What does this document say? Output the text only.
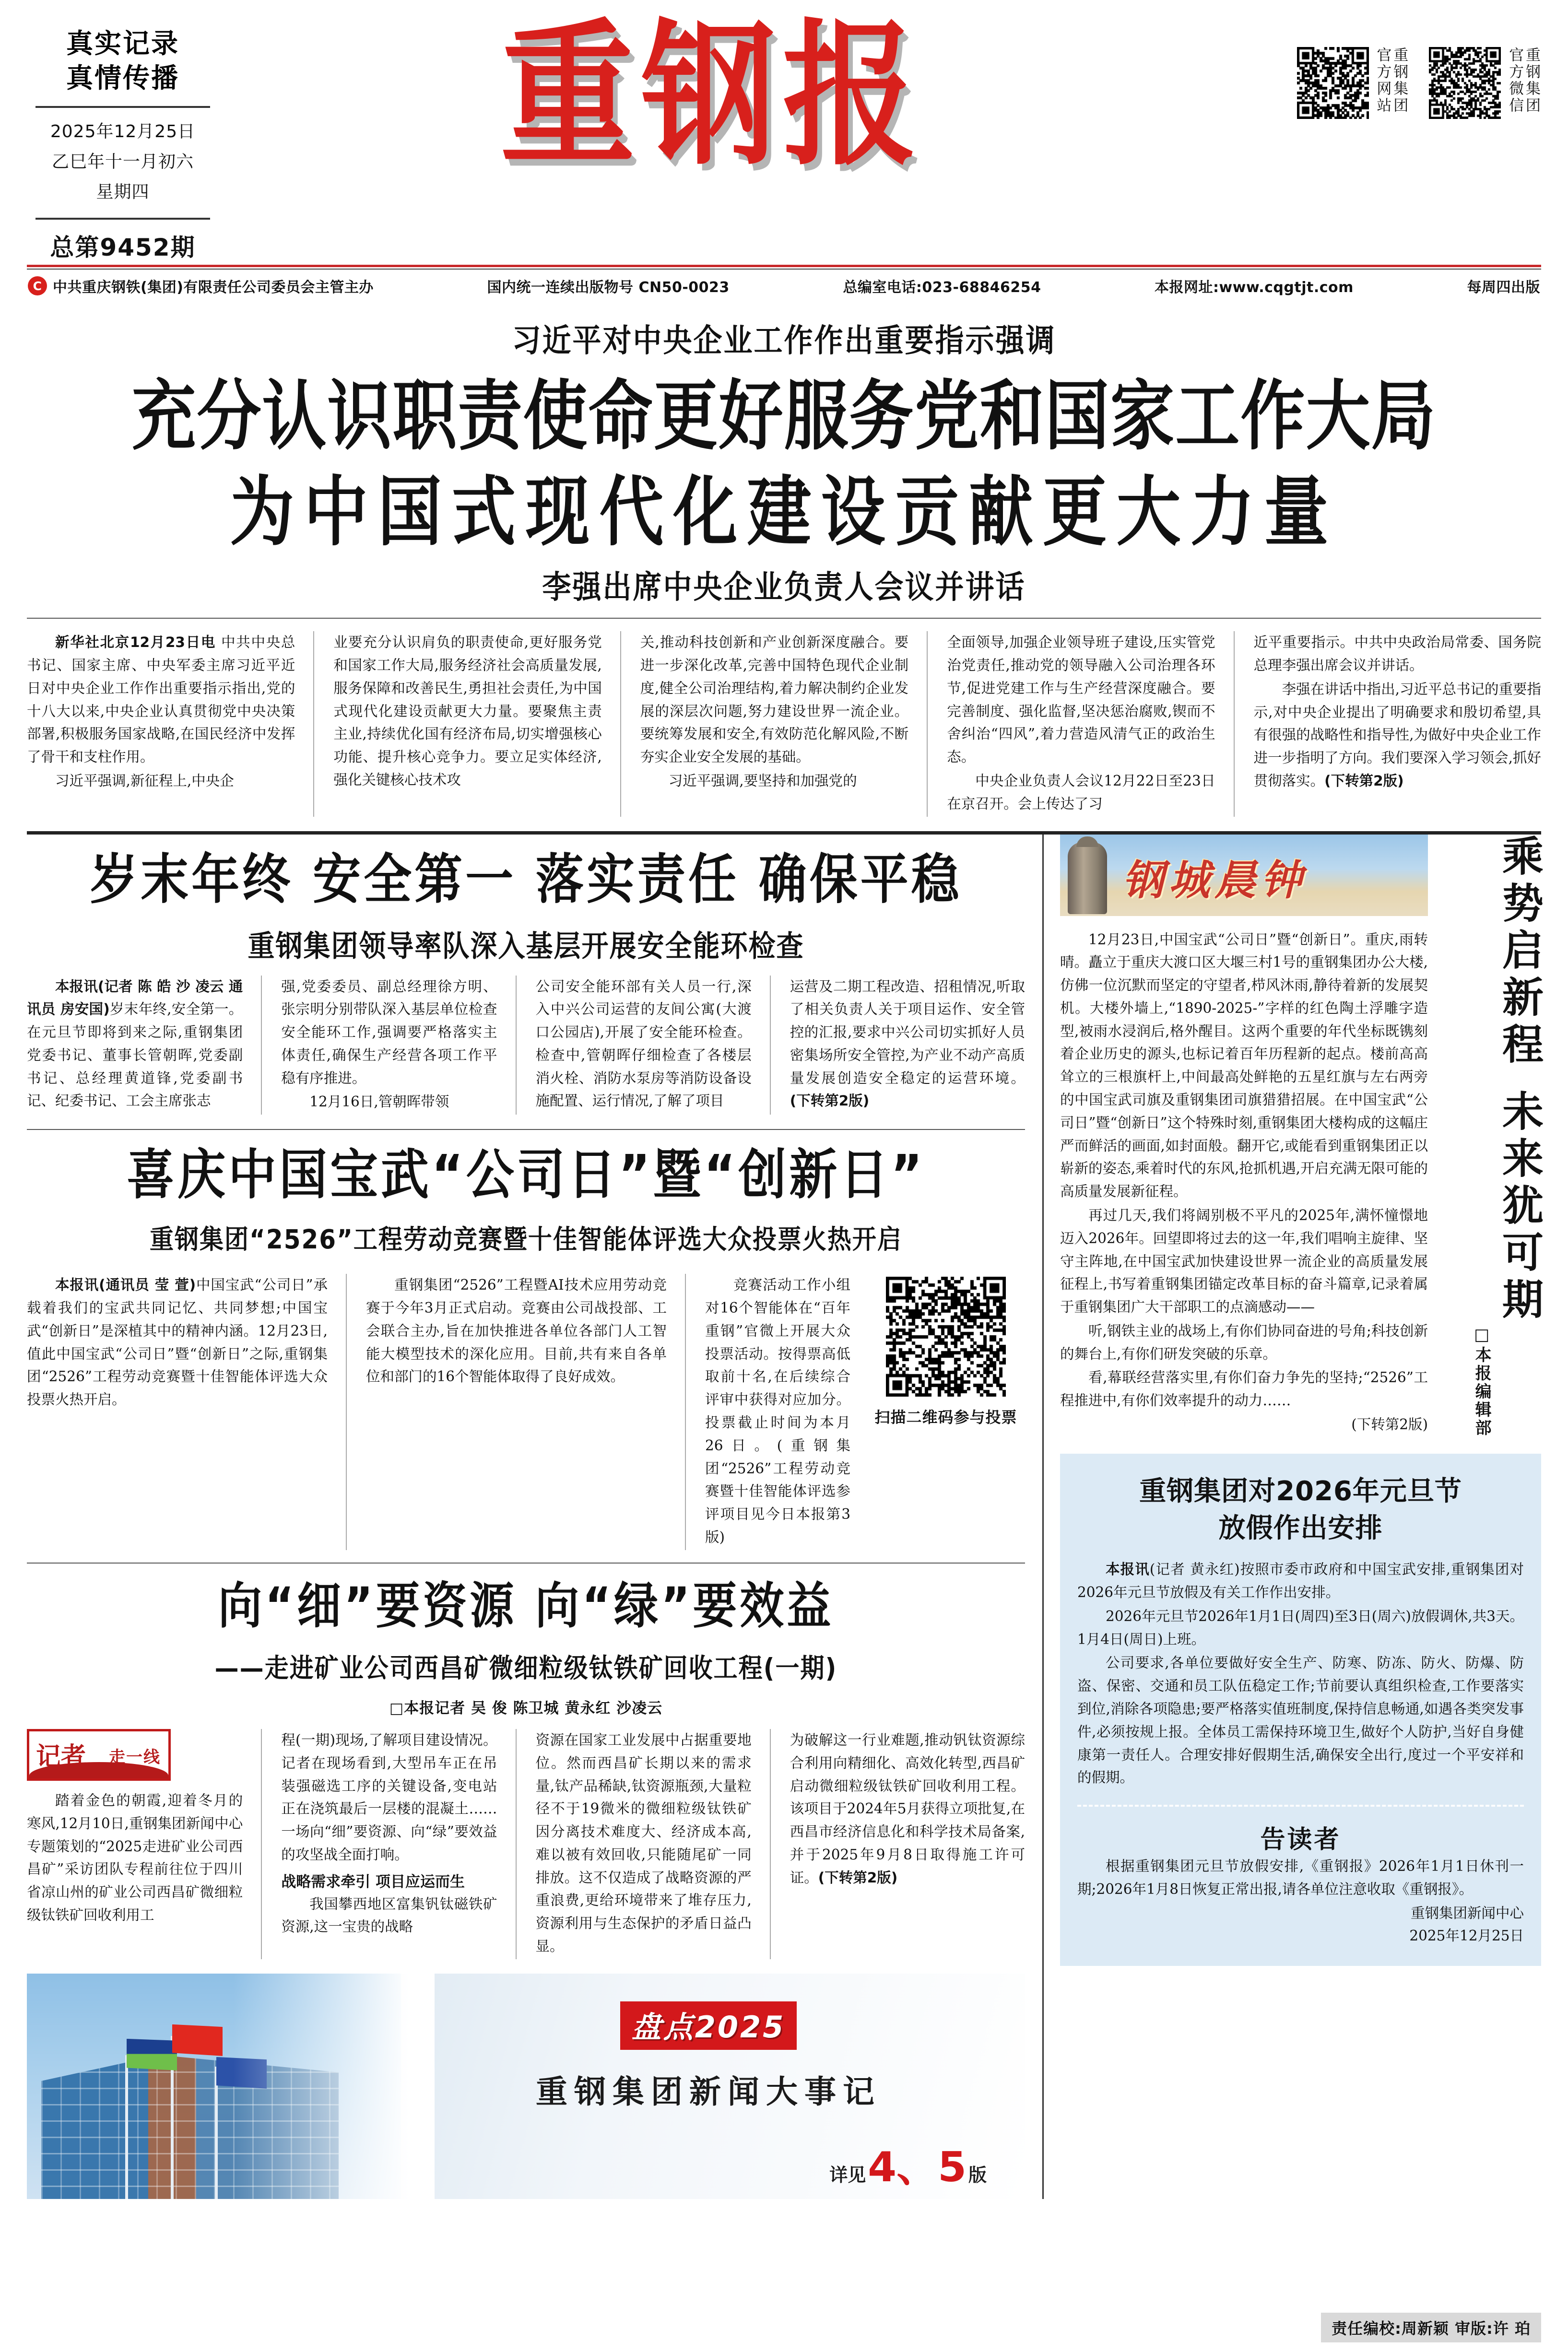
真实记录
真情传播
2025年12月25日
乙巳年十一月初六
星期四
总第9452期
重钢报	重钢集团
官方网站	重钢集团
官方微信
C 中共重庆钢铁(集团)有限责任公司委员会主管主办	国内统一连续出版物号 CN50-0023	总编室电话:023-68846254	本报网址:www.cqgtjt.com	每周四出版
习近平对中央企业工作作出重要指示强调
充分认识职责使命更好服务党和国家工作大局
为中国式现代化建设贡献更大力量
李强出席中央企业负责人会议并讲话

新华社北京12月23日电 中共中央总书记、国家主席、中央军委主席习近平近日对中央企业工作作出重要指示指出,党的十八大以来,中央企业认真贯彻党中央决策部署,积极服务国家战略,在国民经济中发挥了骨干和支柱作用。

习近平强调,新征程上,中央企

业要充分认识肩负的职责使命,更好服务党和国家工作大局,服务经济社会高质量发展,服务保障和改善民生,勇担社会责任,为中国式现代化建设贡献更大力量。要聚焦主责主业,持续优化国有经济布局,切实增强核心功能、提升核心竞争力。要立足实体经济,强化关键核心技术攻

关,推动科技创新和产业创新深度融合。要进一步深化改革,完善中国特色现代企业制度,健全公司治理结构,着力解决制约企业发展的深层次问题,努力建设世界一流企业。要统筹发展和安全,有效防范化解风险,不断夯实企业安全发展的基础。

习近平强调,要坚持和加强党的

全面领导,加强企业领导班子建设,压实管党治党责任,推动党的领导融入公司治理各环节,促进党建工作与生产经营深度融合。要完善制度、强化监督,坚决惩治腐败,锲而不舍纠治“四风”,着力营造风清气正的政治生态。

中央企业负责人会议12月22日至23日在京召开。会上传达了习

近平重要指示。中共中央政治局常委、国务院总理李强出席会议并讲话。

李强在讲话中指出,习近平总书记的重要指示,对中央企业提出了明确要求和殷切希望,具有很强的战略性和指导性,为做好中央企业工作进一步指明了方向。我们要深入学习领会,抓好贯彻落实。(下转第2版)

岁末年终 安全第一 落实责任 确保平稳
重钢集团领导率队深入基层开展安全能环检查

本报讯(记者 陈 皓 沙 凌云 通讯员 房安国)岁末年终,安全第一。在元旦节即将到来之际,重钢集团党委书记、董事长管朝晖,党委副书记、总经理黄道锋,党委副书记、纪委书记、工会主席张志

强,党委委员、副总经理徐方明、张宗明分别带队深入基层单位检查安全能环工作,强调要严格落实主体责任,确保生产经营各项工作平稳有序推进。

12月16日,管朝晖带领

公司安全能环部有关人员一行,深入中兴公司运营的友间公寓(大渡口公园店),开展了安全能环检查。检查中,管朝晖仔细检查了各楼层消火栓、消防水泵房等消防设备设施配置、运行情况,了解了项目

运营及二期工程改造、招租情况,听取了相关负责人关于项目运作、安全管控的汇报,要求中兴公司切实抓好人员密集场所安全管控,为产业不动产高质量发展创造安全稳定的运营环境。(下转第2版)

喜庆中国宝武“公司日”暨“创新日”
重钢集团“2526”工程劳动竞赛暨十佳智能体评选大众投票火热开启

本报讯(通讯员 莹 萱)中国宝武“公司日”承载着我们的宝武共同记忆、共同梦想;中国宝武“创新日”是深植其中的精神内涵。12月23日,值此中国宝武“公司日”暨“创新日”之际,重钢集团“2526”工程劳动竞赛暨十佳智能体评选大众投票火热开启。

重钢集团“2526”工程暨AI技术应用劳动竞赛于今年3月正式启动。竞赛由公司战投部、工会联合主办,旨在加快推进各单位各部门人工智能大模型技术的深化应用。目前,共有来自各单位和部门的16个智能体取得了良好成效。

竞赛活动工作小组对16个智能体在“百年重钢”官微上开展大众投票活动。按得票高低取前十名,在后续综合评审中获得对应加分。投票截止时间为本月26日。(重钢集团“2526”工程劳动竞赛暨十佳智能体评选参评项目见今日本报第3版)

扫描二维码参与投票
向“细”要资源 向“绿”要效益
——走进矿业公司西昌矿微细粒级钛铁矿回收工程(一期)
□本报记者 吴 俊 陈卫城 黄永红 沙凌云
记者 走一线

踏着金色的朝霞,迎着冬月的寒风,12月10日,重钢集团新闻中心专题策划的“2025走进矿业公司西昌矿”采访团队专程前往位于四川省凉山州的矿业公司西昌矿微细粒级钛铁矿回收利用工

程(一期)现场,了解项目建设情况。记者在现场看到,大型吊车正在吊装强磁选工序的关键设备,变电站正在浇筑最后一层楼的混凝土……一场向“细”要资源、向“绿”要效益的攻坚战全面打响。

战略需求牵引 项目应运而生

我国攀西地区富集钒钛磁铁矿资源,这一宝贵的战略

资源在国家工业发展中占据重要地位。然而西昌矿长期以来的需求量,钛产品稀缺,钛资源瓶颈,大量粒径不于19微米的微细粒级钛铁矿因分离技术难度大、经济成本高,难以被有效回收,只能随尾矿一同排放。这不仅造成了战略资源的严重浪费,更给环境带来了堆存压力,资源利用与生态保护的矛盾日益凸显。

为破解这一行业难题,推动钒钛资源综合利用向精细化、高效化转型,西昌矿启动微细粒级钛铁矿回收利用工程。该项目于2024年5月获得立项批复,在西昌市经济信息化和科学技术局备案,并于2025年9月8日取得施工许可证。(下转第2版)

盘点2025
重钢集团新闻大事记
详见 4、5 版
钢城晨钟

12月23日,中国宝武“公司日”暨“创新日”。重庆,雨转晴。矗立于重庆大渡口区大堰三村1号的重钢集团办公大楼,仿佛一位沉默而坚定的守望者,栉风沐雨,静待着新的发展契机。大楼外墙上,“1890-2025-”字样的红色陶土浮雕字造型,被雨水浸润后,格外醒目。这两个重要的年代坐标既镌刻着企业历史的源头,也标记着百年历程新的起点。楼前高高耸立的三根旗杆上,中间最高处鲜艳的五星红旗与左右两旁的中国宝武司旗及重钢集团司旗猎猎招展。在中国宝武“公司日”暨“创新日”这个特殊时刻,重钢集团大楼构成的这幅庄严而鲜活的画面,如封面般。翻开它,或能看到重钢集团正以崭新的姿态,乘着时代的东风,抢抓机遇,开启充满无限可能的高质量发展新征程。

再过几天,我们将阔别极不平凡的2025年,满怀憧憬地迈入2026年。回望即将过去的这一年,我们唱响主旋律、坚守主阵地,在中国宝武加快建设世界一流企业的高质量发展征程上,书写着重钢集团锚定改革目标的奋斗篇章,记录着属于重钢集团广大干部职工的点滴感动——

听,钢铁主业的战场上,有你们协同奋进的号角;科技创新的舞台上,有你们研发突破的乐章。

看,幕联经营落实里,有你们奋力争先的坚持;“2526”工程推进中,有你们效率提升的动力……

(下转第2版)	□本报编辑部
乘势启新程 未来犹可期
重钢集团对2026年元旦节
放假作出安排

本报讯(记者 黄永红)按照市委市政府和中国宝武安排,重钢集团对2026年元旦节放假及有关工作作出安排。

2026年元旦节2026年1月1日(周四)至3日(周六)放假调休,共3天。1月4日(周日)上班。

公司要求,各单位要做好安全生产、防寒、防冻、防火、防爆、防盗、保密、交通和员工队伍稳定工作;节前要认真组织检查,工作要落实到位,消除各项隐患;要严格落实值班制度,保持信息畅通,如遇各类突发事件,必须按规上报。全体员工需保持环境卫生,做好个人防护,当好自身健康第一责任人。合理安排好假期生活,确保安全出行,度过一个平安祥和的假期。

告读者

根据重钢集团元旦节放假安排,《重钢报》2026年1月1日休刊一期;2026年1月8日恢复正常出报,请各单位注意收取《重钢报》。

重钢集团新闻中心
2025年12月25日
责任编校:周新颖 审版:许 珀
